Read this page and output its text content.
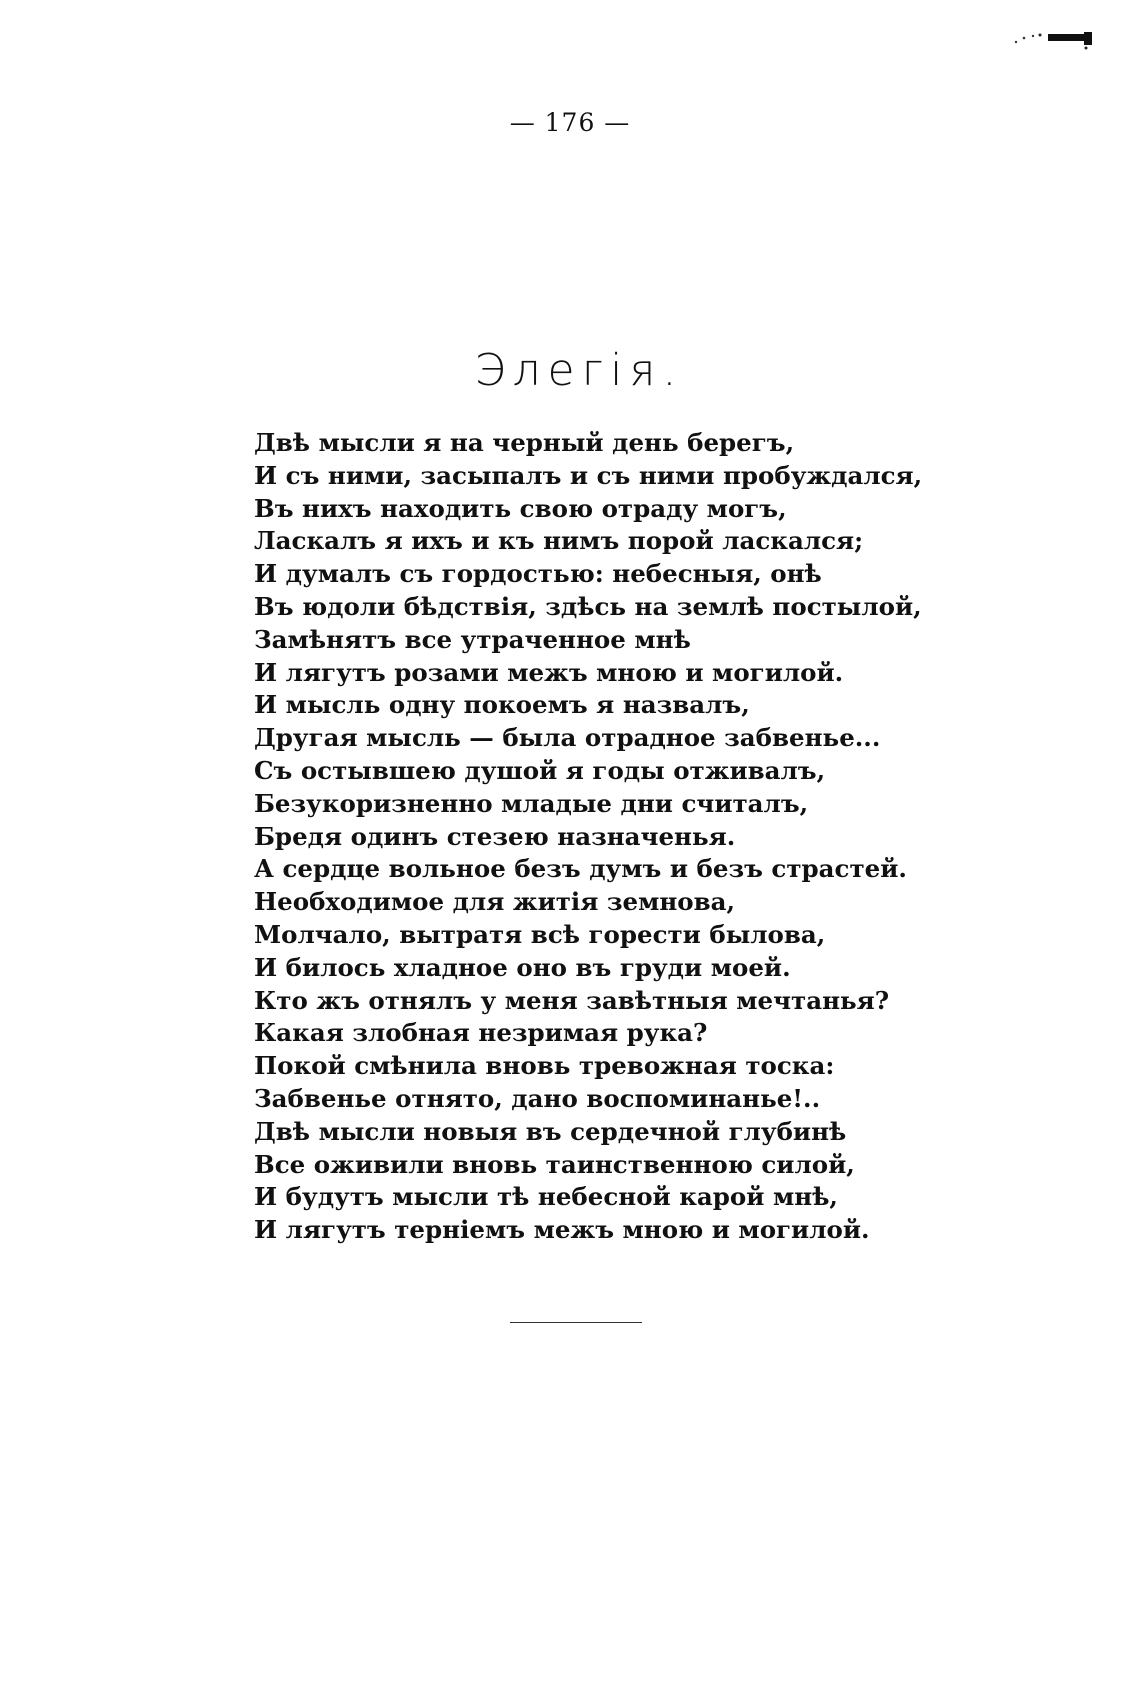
— 176 —
Элегія.
Двѣ мысли я на черный день берегъ,
И съ ними, засыпалъ и съ ними пробуждался,
Въ нихъ находить свою отраду могъ,
Ласкалъ я ихъ и къ нимъ порой ласкался;
И думалъ съ гордостью: небесныя, онѣ
Въ юдоли бѣдствія, здѣсь на землѣ постылой,
Замѣнятъ все утраченное мнѣ
И лягутъ розами межъ мною и могилой.
И мысль одну покоемъ я назвалъ,
Другая мысль — была отрадное забвенье...
Съ остывшею душой я годы отживалъ,
Безукоризненно младые дни считалъ,
Бредя одинъ стезею назначенья.
А сердце вольное безъ думъ и безъ страстей.
Необходимое для житія земнова,
Молчало, вытратя всѣ горести былова,
И билось хладное оно въ груди моей.
Кто жъ отнялъ у меня завѣтныя мечтанья?
Какая злобная незримая рука?
Покой смѣнила вновь тревожная тоска:
Забвенье отнято, дано воспоминанье!..
Двѣ мысли новыя въ сердечной глубинѣ
Все оживили вновь таинственною силой,
И будутъ мысли тѣ небесной карой мнѣ,
И лягутъ терніемъ межъ мною и могилой.
